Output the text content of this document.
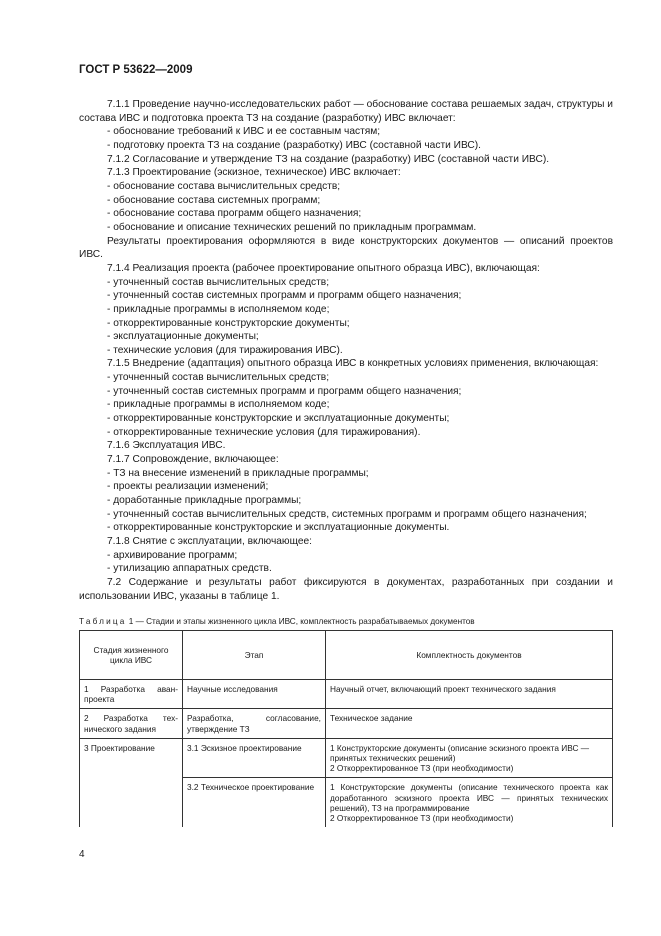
ГОСТ Р 53622—2009

7.1.1 Проведение научно-исследовательских работ — обоснование состава решаемых задач, структуры и состава ИВС и подготовка проекта ТЗ на создание (разработку) ИВС включает:

- обоснование требований к ИВС и ее составным частям;

- подготовку проекта ТЗ на создание (разработку) ИВС (составной части ИВС).

7.1.2 Согласование и утверждение ТЗ на создание (разработку) ИВС (составной части ИВС).

7.1.3 Проектирование (эскизное, техническое) ИВС включает:

- обоснование состава вычислительных средств;

- обоснование состава системных программ;

- обоснование состава программ общего назначения;

- обоснование и описание технических решений по прикладным программам.

Результаты проектирования оформляются в виде конструкторских документов — описаний проектов ИВС.

7.1.4 Реализация проекта (рабочее проектирование опытного образца ИВС), включающая:

- уточненный состав вычислительных средств;

- уточненный состав системных программ и программ общего назначения;

- прикладные программы в исполняемом коде;

- откорректированные конструкторские документы;

- эксплуатационные документы;

- технические условия (для тиражирования ИВС).

7.1.5 Внедрение (адаптация) опытного образца ИВС в конкретных условиях применения, включающая:

- уточненный состав вычислительных средств;

- уточненный состав системных программ и программ общего назначения;

- прикладные программы в исполняемом коде;

- откорректированные конструкторские и эксплуатационные документы;

- откорректированные технические условия (для тиражирования).

7.1.6 Эксплуатация ИВС.

7.1.7 Сопровождение, включающее:

- ТЗ на внесение изменений в прикладные программы;

- проекты реализации изменений;

- доработанные прикладные программы;

- уточненный состав вычислительных средств, системных программ и программ общего назначения;

- откорректированные конструкторские и эксплуатационные документы.

7.1.8 Снятие с эксплуатации, включающее:

- архивирование программ;

- утилизацию аппаратных средств.

7.2 Содержание и результаты работ фиксируются в документах, разработанных при создании и использовании ИВС, указаны в таблице 1.

Таблица 1 — Стадии и этапы жизненного цикла ИВС, комплектность разрабатываемых документов
Стадия жизненного цикла ИВС	Этап	Комплектность документов
1 Разработка аванпроекта	Научные исследования	Научный отчет, включающий проект технического задания
2 Разработка технического задания	Разработка, согласование, утверждение ТЗ	Техническое задание
3 Проектирование	3.1 Эскизное проектирование	1 Конструкторские документы (описание эскизного проекта ИВС — принятых технических решений)
2 Откорректированное ТЗ (при необходимости)
	3.2 Техническое проектирование	1 Конструкторские документы (описание технического проекта как доработанного эскизного проекта ИВС — принятых технических решений), ТЗ на программирование
2 Откорректированное ТЗ (при необходимости)
4
